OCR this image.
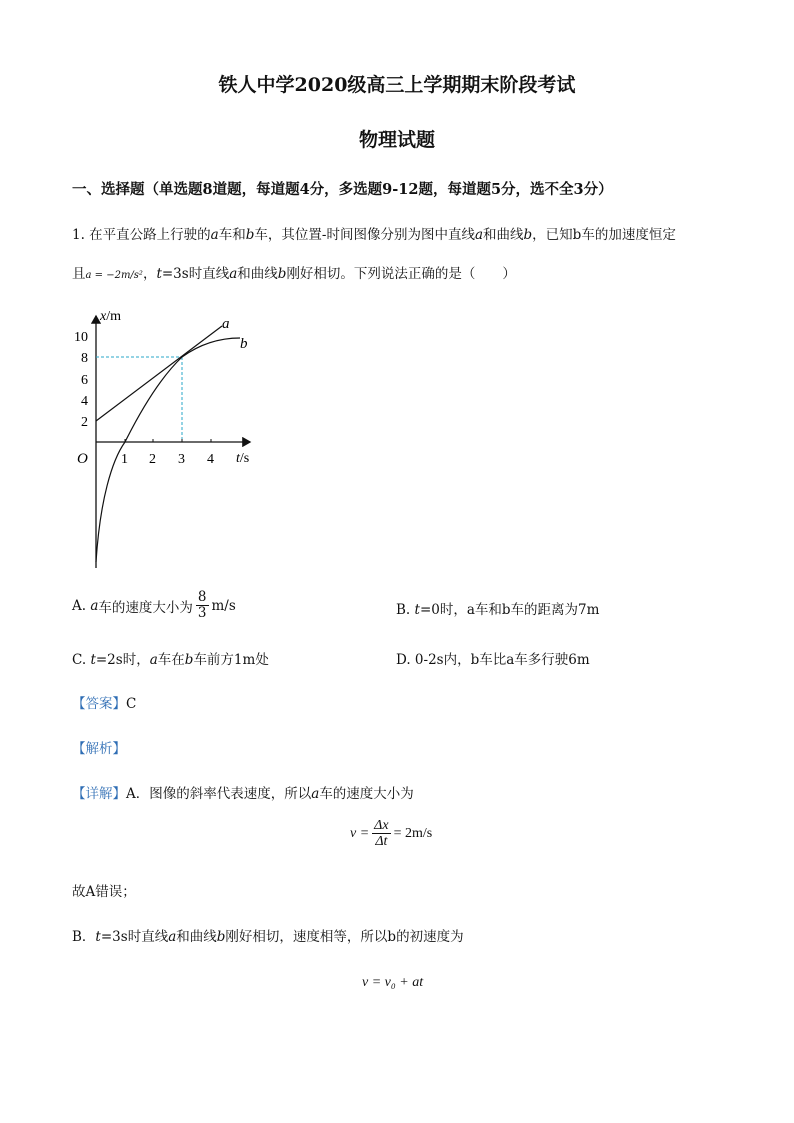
铁人中学2020级高三上学期期末阶段考试
物理试题
一、选择题（单选题8道题，每道题4分，多选题9-12题，每道题5分，选不全3分）
1. 在平直公路上行驶的a车和b车，其位置-时间图像分别为图中直线a和曲线b，已知b车的加速度恒定
且a = −2m/s²，t=3s时直线a和曲线b刚好相切。下列说法正确的是（　　）
x/m
t/s
O
10
8
6
4
2
1 2 3 4
a
b
A.
a 车的速度大小为 $\frac{8}{3} m/s$	B. t=0时，a车和b车的距离为7m
C. t=2s时，a车在b车前方1m处	D. 0-2s内，b车比a车多行驶6m
【答案】C
【解析】
【详解】A．图像的斜率代表速度，所以a车的速度大小为
$v = \frac{\Delta x}{\Delta t} = 2m/s$
故A错误；
B．t=3s时直线a和曲线b刚好相切，速度相等，所以b的初速度为
v = v₀ + at
